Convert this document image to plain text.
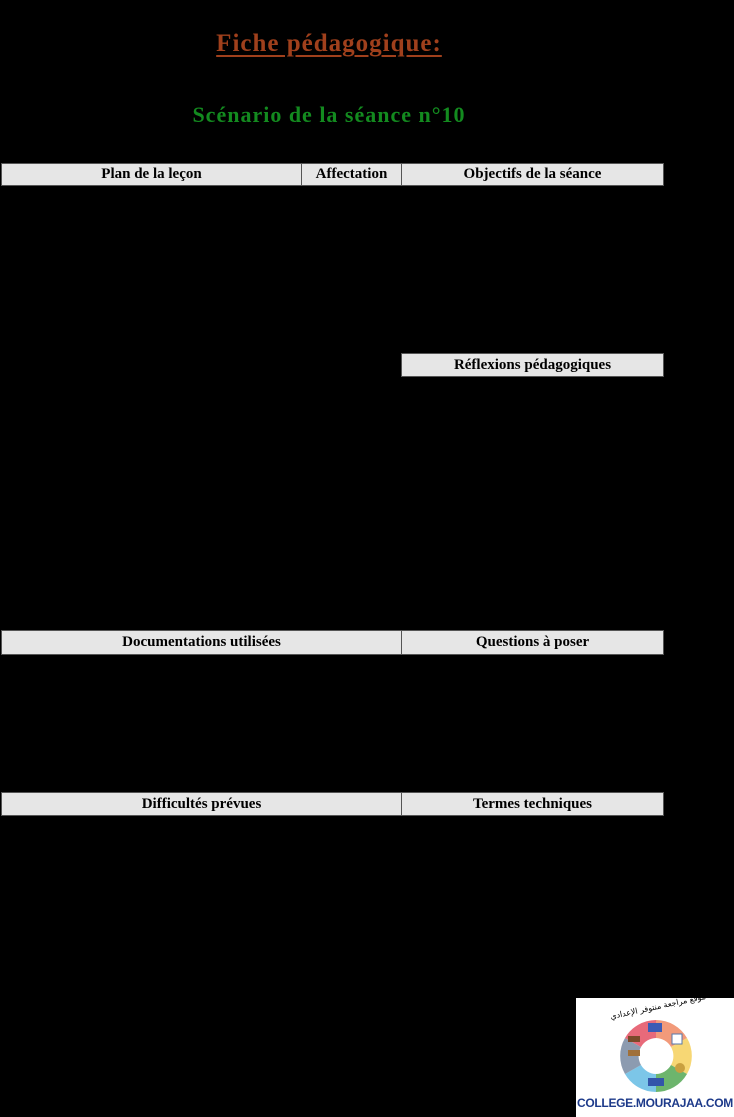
Fiche pédagogique:
Scénario de la séance n°10
Plan de la leçon	Affectation	Objectifs de la séance
Réflexions pédagogiques
Documentations utilisées	Questions à poser
Difficultés prévues	Termes techniques
موقع مراجعة منتوفر الإعدادي
COLLEGE.MOURAJAA.COM
